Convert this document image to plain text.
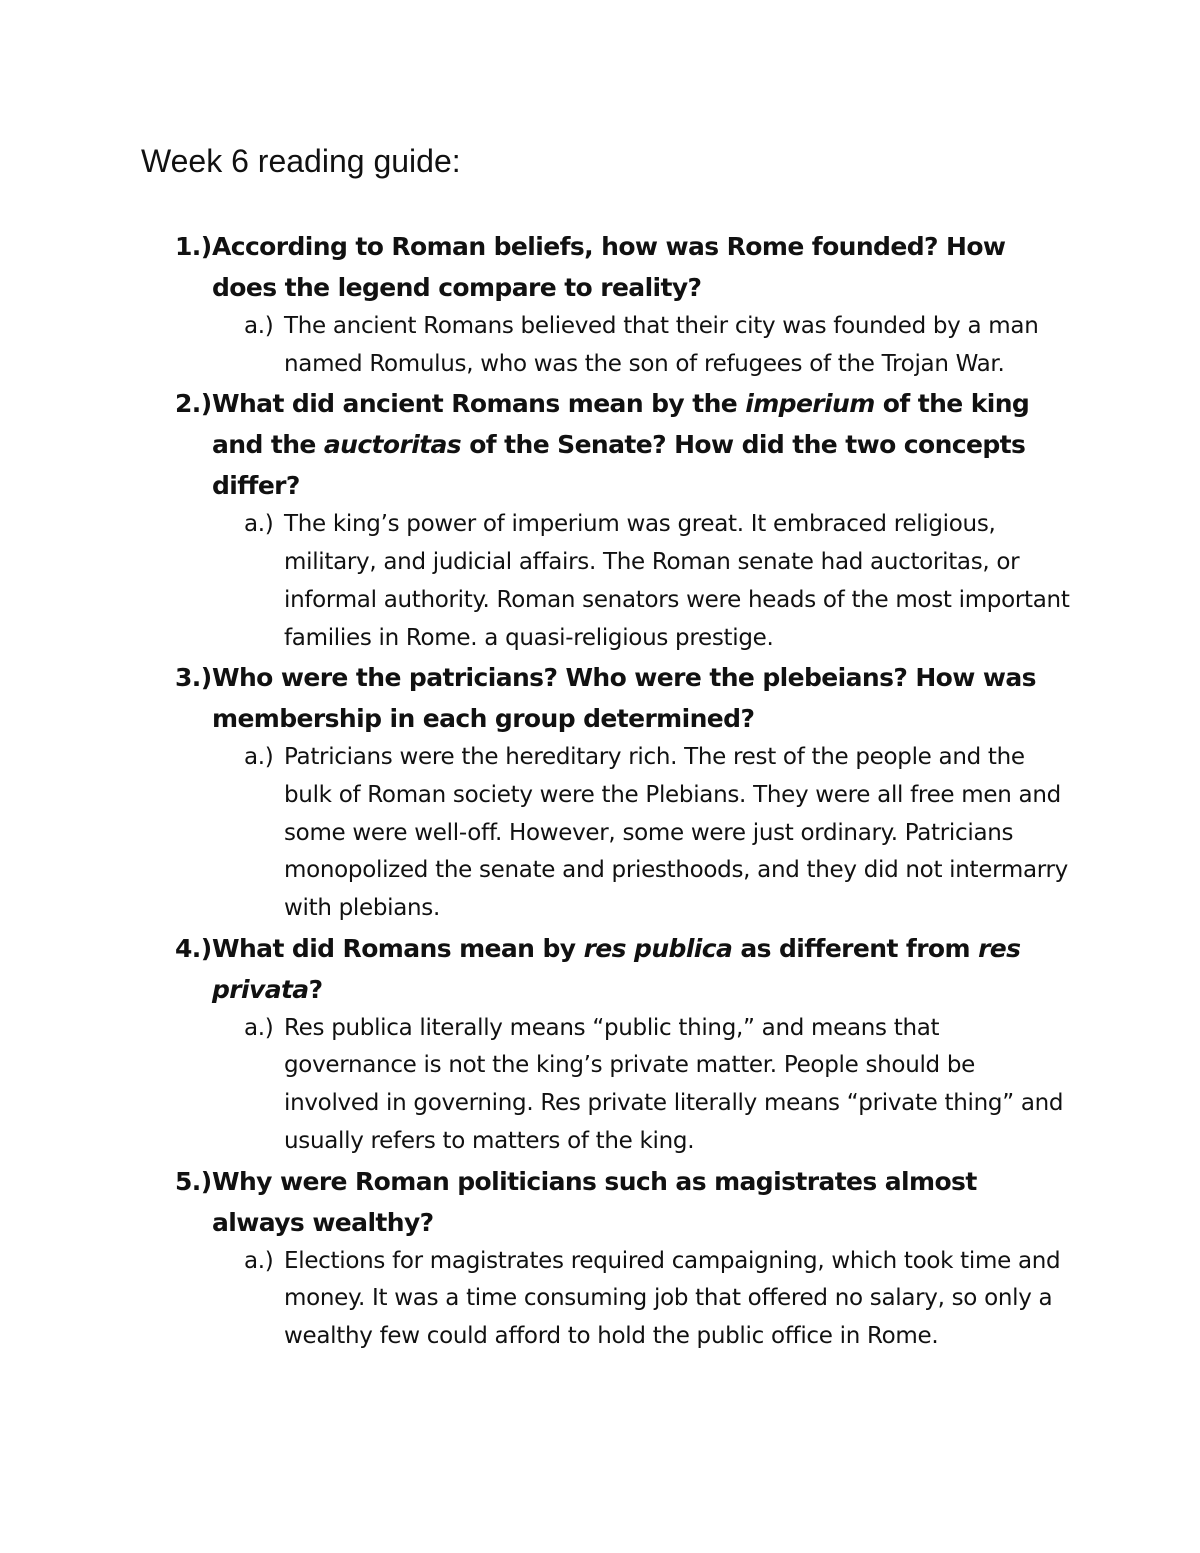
Week 6 reading guide:
1.) According to Roman beliefs, how was Rome founded? How does the legend compare to reality?

a.) The ancient Romans believed that their city was founded by a man named Romulus, who was the son of refugees of the Trojan War.

2.) What did ancient Romans mean by the imperium of the king and the auctoritas of the Senate? How did the two concepts differ?

a.) The king’s power of imperium was great. It embraced religious, military, and judicial affairs. The Roman senate had auctoritas, or informal authority. Roman senators were heads of the most important families in Rome. a quasi-religious prestige.

3.) Who were the patricians? Who were the plebeians? How was membership in each group determined?

a.) Patricians were the hereditary rich. The rest of the people and the bulk of Roman society were the Plebians. They were all free men and some were well-off. However, some were just ordinary. Patricians monopolized the senate and priesthoods, and they did not intermarry with plebians.

4.) What did Romans mean by res publica as different from res privata?

a.) Res publica literally means “public thing,” and means that governance is not the king’s private matter. People should be involved in governing. Res private literally means “private thing” and usually refers to matters of the king.

5.) Why were Roman politicians such as magistrates almost always wealthy?

a.) Elections for magistrates required campaigning, which took time and money. It was a time consuming job that offered no salary, so only a wealthy few could afford to hold the public office in Rome.
